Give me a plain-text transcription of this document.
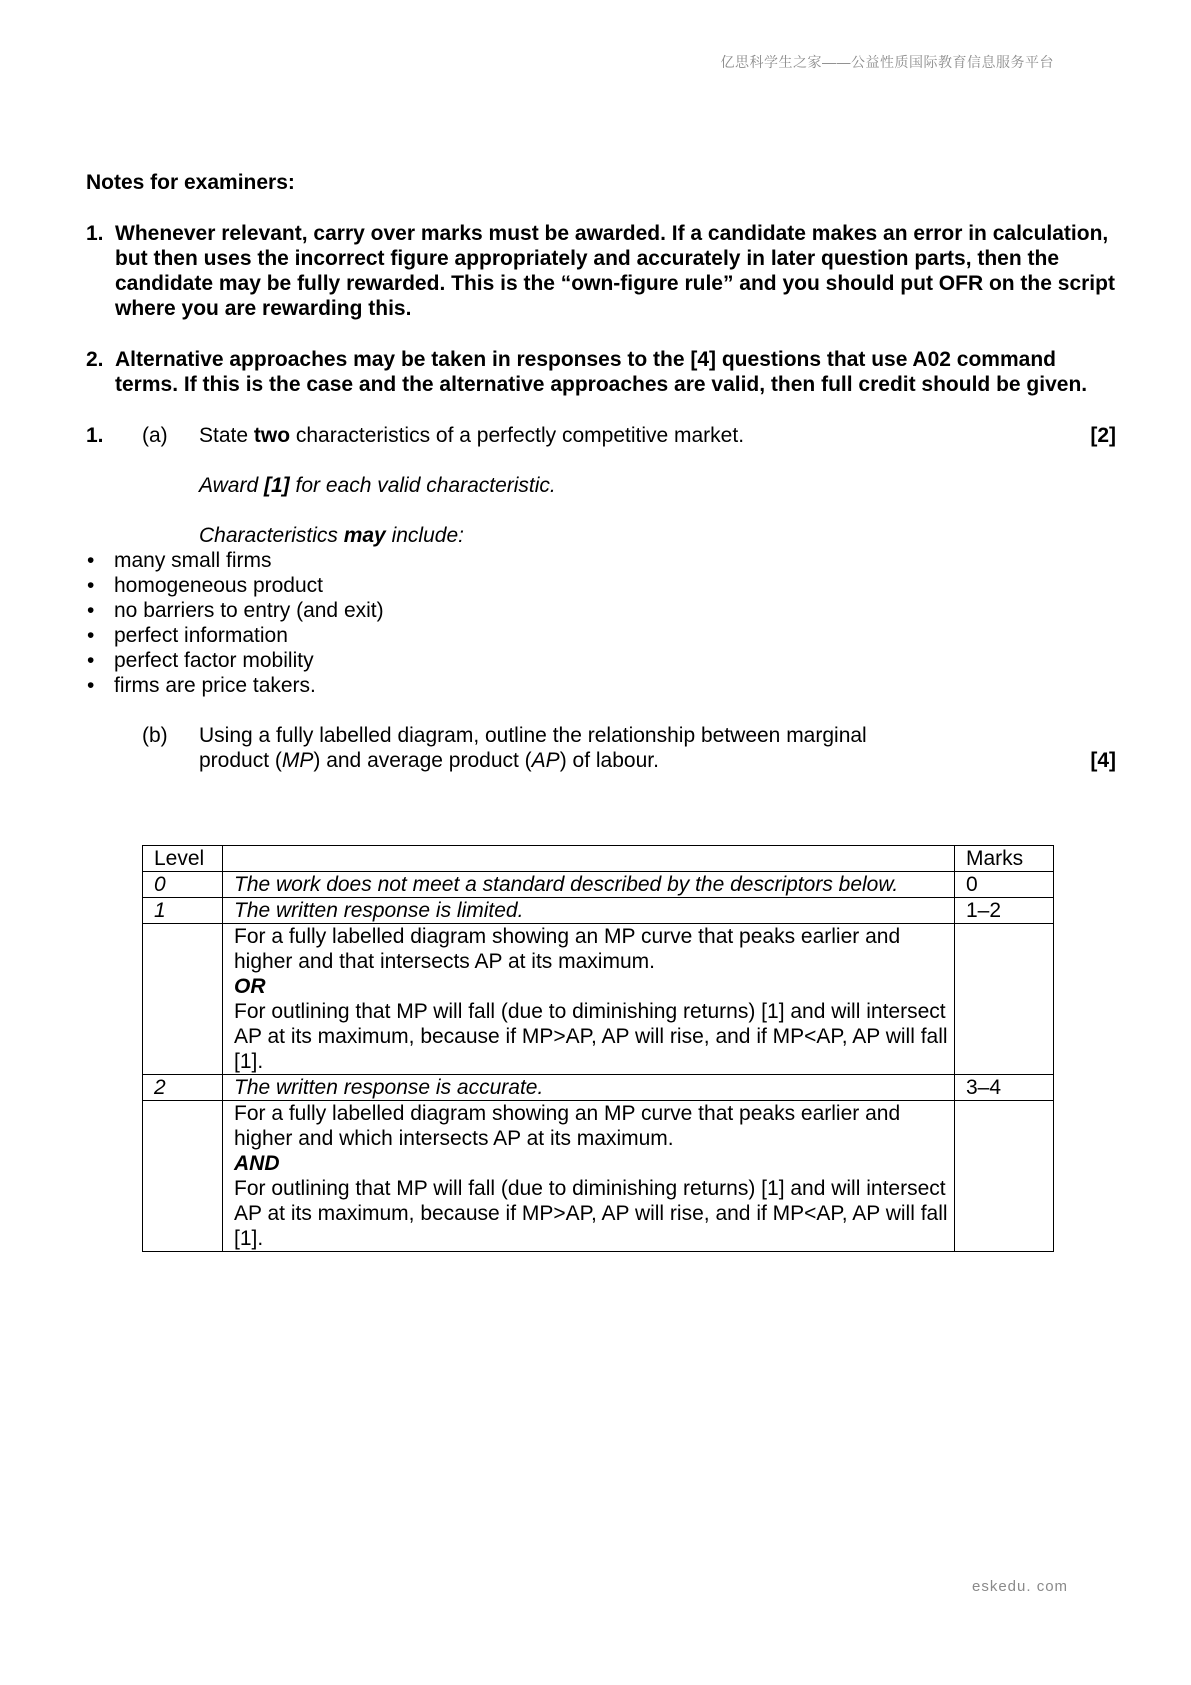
亿思科学生之家——公益性质国际教育信息服务平台
Notes for examiners:
1. Whenever relevant, carry over marks must be awarded. If a candidate makes an error in calculation, but then uses the incorrect figure appropriately and accurately in later question parts, then the candidate may be fully rewarded. This is the “own-figure rule” and you should put OFR on the script where you are rewarding this.
2. Alternative approaches may be taken in responses to the [4] questions that use A02 command terms. If this is the case and the alternative approaches are valid, then full credit should be given.
1.	(a)	State two characteristics of a perfectly competitive market.	[2]
Award [1] for each valid characteristic.
Characteristics may include:
• many small firms
• homogeneous product
• no barriers to entry (and exit)
• perfect information
• perfect factor mobility
• firms are price takers.
(b)	Using a fully labelled diagram, outline the relationship between marginal
product (MP) and average product (AP) of labour.	[4]
Level		Marks
0	The work does not meet a standard described by the descriptors below.	0
1	The written response is limited.	1–2

	For a fully labelled diagram showing an MP curve that peaks earlier and higher and that intersects AP at its maximum.
OR
For outlining that MP will fall (due to diminishing returns) [1] and will intersect AP at its maximum, because if MP>AP, AP will rise, and if MP<AP, AP will fall [1].	

2	The written response is accurate.	3–4

	For a fully labelled diagram showing an MP curve that peaks earlier and higher and which intersects AP at its maximum.
AND
For outlining that MP will fall (due to diminishing returns) [1] and will intersect AP at its maximum, because if MP>AP, AP will rise, and if MP<AP, AP will fall [1].	

eskedu. com
